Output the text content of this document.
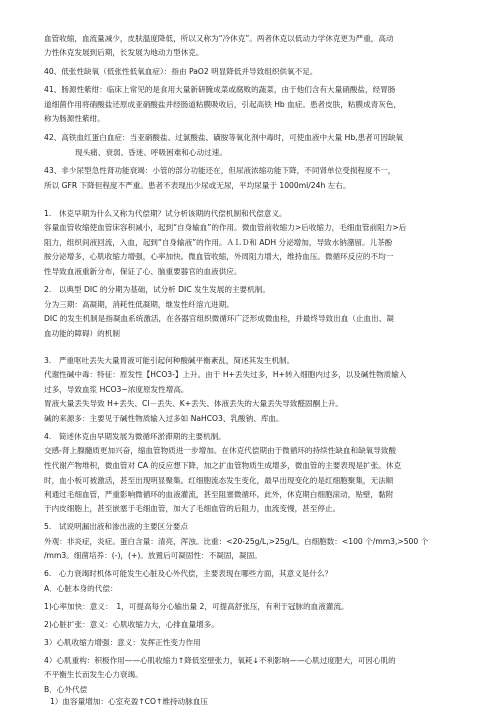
血管收缩，血流量减少，皮肤温度降低，所以又称为“冷休克”。两者休克以低动力学休克更为严重，高动
力性休克发展到后期，长发展为地动力型休克。
40、低张性缺氧（低张性低氧血症）：指由 PaO2 明显降低并导致组织供氧不足。
41、肠源性紫绀：临床上常见的是食用大量新研腌成菜或腐败的蔬菜，由于他们含有大量硝酸盐，经胃肠
道细菌作用将硝酸盐还原成亚硝酸盐并经肠道粘膜吸收后，引起高铁 Hb 血症。患者皮肤，粘膜成青灰色，
称为肠源性紫绀。
42、高铁血红蛋白血症：当亚硝酸盐、过氯酸盐、磺胺等氧化剂中毒时，可使血液中大量 Hb,患者可因缺氧
现头痛、衰弱、昏迷、呼吸困难和心动过速。
43、非少尿型急性肾功能衰竭：小管的部分功能还在，但尿液浓缩功能下降，不同肾单位受损程度不一，
所以 GFR 下降但程度不严重。患者不表现出少尿或无尿，平均尿量于 1000ml/24h 左右。
1.　休克早期为什么又称为代偿期？试分析该期的代偿机制和代偿意义。
容量血管收缩使血管床容积减小，起到“自身输血”的作用。微血管前收缩力>后收缩力，毛细血管前阻力>后
阻力，组织间液回流，入血，起到“自身输液”的作用。ＡＬＤ和 ADH 分泌增加，导致水钠潴留。儿茶酚
胺分泌增多，心肌收缩力增强，心率加快。微血管收缩，外周阻力增大，维持血压。微循环反应的不均一
性导致血液重新分布，保证了心、脑重要器官的血液供应。
2.　以典型 DIC 的分期为基础，试分析 DIC 发生发展的主要机制。
分为三期：高凝期，消耗性低凝期，继发性纤溶亢进期。
DIC 的发生机制是指凝血系统激活，在各器官组织微循环广泛形成微血栓，并最终导致出血（止血出、凝
血功能的障碍）的机制
3.　严重呕吐丢失大量胃液可能引起何种酸碱平衡紊乱，简述其发生机制。
代谢性碱中毒：特征：原发性【HCO3-】上升。由于 H+丢失过多，H+转入细胞内过多，以及碱性物质输入
过多，导致血浆 HCO3−浓度原发性增高。
胃液大量丢失导致 H+丢失、Cl－丢失、K+丢失、体液丢失的大量丢失导致醛固酮上升。
碱的来源多：主要见于碱性物质输入过多如 NaHCO3、乳酸钠、库血。
4.　简述休克由早期发展为微循环淤滞期的主要机制。
交感-肾上腺髓质更加兴奋，缩血管物质进一步增加。在休克代偿期由于微循环的持续性缺血和缺氧导致酸
性代谢产物堆积，微血管对 CA 的反应想下降，加之扩血管物质生成增多，微血管的主要表现是扩张。休克
时，血小板可被激活，甚至出现明显聚集。红细胞流态发生变化，最早出现变化的是红细胞聚集，无法顺
利通过毛细血管，严重影响微循环的血液灌流，甚至阻塞微循环。此外，休克期白细胞滚动，贴壁，黏附
于内皮细胞上，甚至嵌塞于毛细血管，加大了毛细血管的后阻力，血流变慢，甚至停止。
5.　试说明漏出液和渗出液的主要区分要点
外观：非炎症，炎症。蛋白含量：清亮，浑浊。比重：<20-25g/L,>25g/L。白细胞数：<100 个/mm3,>500 个
/mm3。细菌培养：(-)，(+)。放置后可凝固性：不凝固，凝固。
6.　心力衰竭时机体可能发生心脏及心外代偿，主要表现在哪些方面，其意义是什么？
A．心脏本身的代偿：
1)心率加快：意义：　1，可提高每分心输出量 2，可提高舒张压，有利于冠脉的血液灌流。
2)心脏扩张：意义：心肌收缩力大，心排血量增多。
3）心肌收缩力增强：意义：发挥正性变力作用
4）心肌重构：积极作用——心肌收缩力↑降低室壁张力，氧耗↓不利影响——心肌过度肥大，可因心肌的
不平衡生长而发生心力衰竭。
B．心外代偿
1）血容量增加：心室充盈↑CO↑维持动脉血压
